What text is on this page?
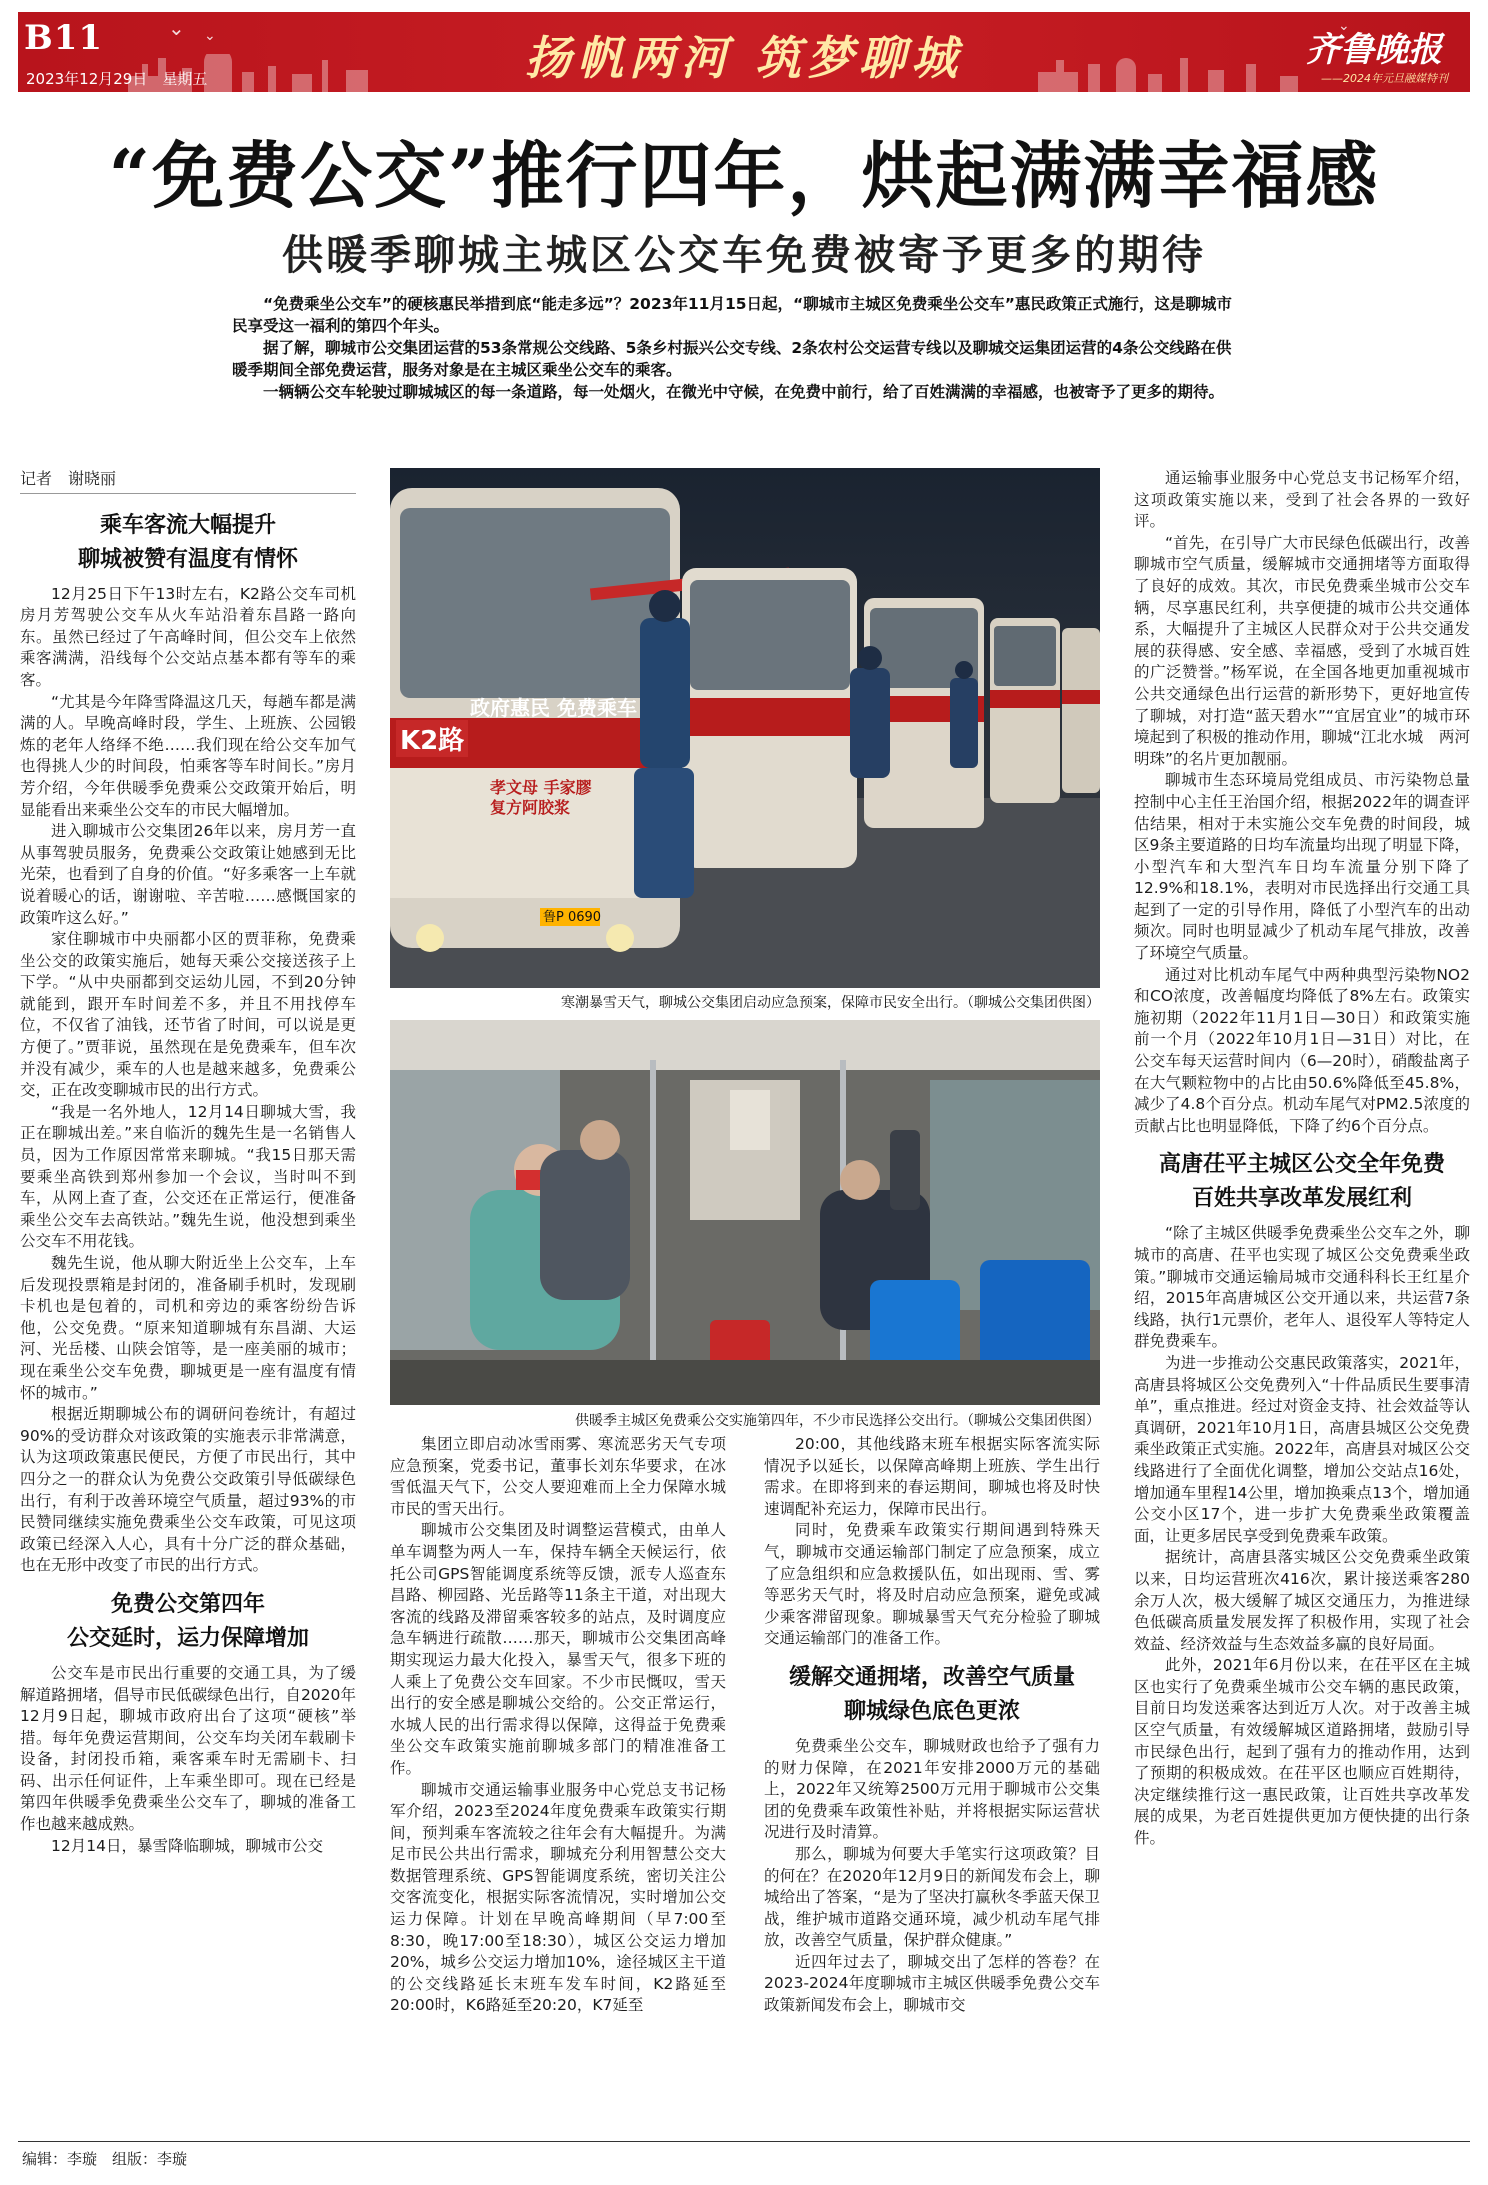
⌄ ⌄
⌄
B11
2023年12月29日　星期五	扬帆两河 筑梦聊城	齐鲁晚报
——2024年元旦融媒特刊
“免费公交”推行四年，烘起满满幸福感
供暖季聊城主城区公交车免费被寄予更多的期待

“免费乘坐公交车”的硬核惠民举措到底“能走多远”？2023年11月15日起，“聊城市主城区免费乘坐公交车”惠民政策正式施行，这是聊城市民享受这一福利的第四个年头。

据了解，聊城市公交集团运营的53条常规公交线路、5条乡村振兴公交专线、2条农村公交运营专线以及聊城交运集团运营的4条公交线路在供暖季期间全部免费运营，服务对象是在主城区乘坐公交车的乘客。

一辆辆公交车轮驶过聊城城区的每一条道路，每一处烟火，在微光中守候，在免费中前行，给了百姓满满的幸福感，也被寄予了更多的期待。

记者　谢晓丽
乘车客流大幅提升
聊城被赞有温度有情怀

12月25日下午13时左右，K2路公交车司机房月芳驾驶公交车从火车站沿着东昌路一路向东。虽然已经过了午高峰时间，但公交车上依然乘客满满，沿线每个公交站点基本都有等车的乘客。

“尤其是今年降雪降温这几天，每趟车都是满满的人。早晚高峰时段，学生、上班族、公园锻炼的老年人络绎不绝……我们现在给公交车加气也得挑人少的时间段，怕乘客等车时间长。”房月芳介绍，今年供暖季免费乘公交政策开始后，明显能看出来乘坐公交车的市民大幅增加。

进入聊城市公交集团26年以来，房月芳一直从事驾驶员服务，免费乘公交政策让她感到无比光荣，也看到了自身的价值。“好多乘客一上车就说着暖心的话，谢谢啦、辛苦啦……感慨国家的政策咋这么好。”

家住聊城市中央丽都小区的贾菲称，免费乘坐公交的政策实施后，她每天乘公交接送孩子上下学。“从中央丽都到交运幼儿园，不到20分钟就能到，跟开车时间差不多，并且不用找停车位，不仅省了油钱，还节省了时间，可以说是更方便了。”贾菲说，虽然现在是免费乘车，但车次并没有减少，乘车的人也是越来越多，免费乘公交，正在改变聊城市民的出行方式。

“我是一名外地人，12月14日聊城大雪，我正在聊城出差。”来自临沂的魏先生是一名销售人员，因为工作原因常常来聊城。“我15日那天需要乘坐高铁到郑州参加一个会议，当时叫不到车，从网上查了查，公交还在正常运行，便准备乘坐公交车去高铁站。”魏先生说，他没想到乘坐公交车不用花钱。

魏先生说，他从聊大附近坐上公交车，上车后发现投票箱是封闭的，准备刷手机时，发现刷卡机也是包着的，司机和旁边的乘客纷纷告诉他，公交免费。“原来知道聊城有东昌湖、大运河、光岳楼、山陕会馆等，是一座美丽的城市；现在乘坐公交车免费，聊城更是一座有温度有情怀的城市。”

根据近期聊城公布的调研问卷统计，有超过90%的受访群众对该政策的实施表示非常满意，认为这项政策惠民便民，方便了市民出行，其中四分之一的群众认为免费公交政策引导低碳绿色出行，有利于改善环境空气质量，超过93%的市民赞同继续实施免费乘坐公交车政策，可见这项政策已经深入人心，具有十分广泛的群众基础，也在无形中改变了市民的出行方式。

免费公交第四年
公交延时，运力保障增加

公交车是市民出行重要的交通工具，为了缓解道路拥堵，倡导市民低碳绿色出行，自2020年12月9日起，聊城市政府出台了这项“硬核”举措。每年免费运营期间，公交车均关闭车载刷卡设备，封闭投币箱，乘客乘车时无需刷卡、扫码、出示任何证件，上车乘坐即可。现在已经是第四年供暖季免费乘坐公交车了，聊城的准备工作也越来越成熟。

12月14日，暴雪降临聊城，聊城市公交

K2路
政府惠民 免费乘车
孝文母 手家膠 复方阿胶浆
鲁P 0690
寒潮暴雪天气，聊城公交集团启动应急预案，保障市民安全出行。（聊城公交集团供图）
供暖季主城区免费乘公交实施第四年，不少市民选择公交出行。（聊城公交集团供图）

集团立即启动冰雪雨雾、寒流恶劣天气专项应急预案，党委书记，董事长刘东华要求，在冰雪低温天气下，公交人要迎难而上全力保障水城市民的雪天出行。

聊城市公交集团及时调整运营模式，由单人单车调整为两人一车，保持车辆全天候运行，依托公司GPS智能调度系统等反馈，派专人巡查东昌路、柳园路、光岳路等11条主干道，对出现大客流的线路及滞留乘客较多的站点，及时调度应急车辆进行疏散……那天，聊城市公交集团高峰期实现运力最大化投入，暴雪天气，很多下班的人乘上了免费公交车回家。不少市民慨叹，雪天出行的安全感是聊城公交给的。公交正常运行，水城人民的出行需求得以保障，这得益于免费乘坐公交车政策实施前聊城多部门的精准准备工作。

聊城市交通运输事业服务中心党总支书记杨军介绍，2023至2024年度免费乘车政策实行期间，预判乘车客流较之往年会有大幅提升。为满足市民公共出行需求，聊城充分利用智慧公交大数据管理系统、GPS智能调度系统，密切关注公交客流变化，根据实际客流情况，实时增加公交运力保障。计划在早晚高峰期间（早7:00至8:30，晚17:00至18:30），城区公交运力增加20%，城乡公交运力增加10%，途径城区主干道的公交线路延长末班车发车时间，K2路延至20:00时，K6路延至20:20，K7延至

20:00，其他线路末班车根据实际客流实际情况予以延长，以保障高峰期上班族、学生出行需求。在即将到来的春运期间，聊城也将及时快速调配补充运力，保障市民出行。

同时，免费乘车政策实行期间遇到特殊天气，聊城市交通运输部门制定了应急预案，成立了应急组织和应急救援队伍，如出现雨、雪、雾等恶劣天气时，将及时启动应急预案，避免或减少乘客滞留现象。聊城暴雪天气充分检验了聊城交通运输部门的准备工作。

缓解交通拥堵，改善空气质量
聊城绿色底色更浓

免费乘坐公交车，聊城财政也给予了强有力的财力保障，在2021年安排2000万元的基础上，2022年又统筹2500万元用于聊城市公交集团的免费乘车政策性补贴，并将根据实际运营状况进行及时清算。

那么，聊城为何要大手笔实行这项政策？目的何在？在2020年12月9日的新闻发布会上，聊城给出了答案，“是为了坚决打赢秋冬季蓝天保卫战，维护城市道路交通环境，减少机动车尾气排放，改善空气质量，保护群众健康。”

近四年过去了，聊城交出了怎样的答卷？在2023-2024年度聊城市主城区供暖季免费公交车政策新闻发布会上，聊城市交

通运输事业服务中心党总支书记杨军介绍，这项政策实施以来，受到了社会各界的一致好评。

“首先，在引导广大市民绿色低碳出行，改善聊城市空气质量，缓解城市交通拥堵等方面取得了良好的成效。其次，市民免费乘坐城市公交车辆，尽享惠民红利，共享便捷的城市公共交通体系，大幅提升了主城区人民群众对于公共交通发展的获得感、安全感、幸福感，受到了水城百姓的广泛赞誉。”杨军说，在全国各地更加重视城市公共交通绿色出行运营的新形势下，更好地宣传了聊城，对打造“蓝天碧水”“宜居宜业”的城市环境起到了积极的推动作用，聊城“江北水城　两河明珠”的名片更加靓丽。

聊城市生态环境局党组成员、市污染物总量控制中心主任王治国介绍，根据2022年的调查评估结果，相对于未实施公交车免费的时间段，城区9条主要道路的日均车流量均出现了明显下降，小型汽车和大型汽车日均车流量分别下降了12.9%和18.1%，表明对市民选择出行交通工具起到了一定的引导作用，降低了小型汽车的出动频次。同时也明显减少了机动车尾气排放，改善了环境空气质量。

通过对比机动车尾气中两种典型污染物NO2和CO浓度，改善幅度均降低了8%左右。政策实施初期（2022年11月1日—30日）和政策实施前一个月（2022年10月1日—31日）对比，在公交车每天运营时间内（6—20时），硝酸盐离子在大气颗粒物中的占比由50.6%降低至45.8%，减少了4.8个百分点。机动车尾气对PM2.5浓度的贡献占比也明显降低，下降了约6个百分点。

高唐茌平主城区公交全年免费
百姓共享改革发展红利

“除了主城区供暖季免费乘坐公交车之外，聊城市的高唐、茌平也实现了城区公交免费乘坐政策。”聊城市交通运输局城市交通科科长王红星介绍，2015年高唐城区公交开通以来，共运营7条线路，执行1元票价，老年人、退役军人等特定人群免费乘车。

为进一步推动公交惠民政策落实，2021年，高唐县将城区公交免费列入“十件品质民生要事清单”，重点推进。经过对资金支持、社会效益等认真调研，2021年10月1日，高唐县城区公交免费乘坐政策正式实施。2022年，高唐县对城区公交线路进行了全面优化调整，增加公交站点16处，增加通车里程14公里，增加换乘点13个，增加通公交小区17个，进一步扩大免费乘坐政策覆盖面，让更多居民享受到免费乘车政策。

据统计，高唐县落实城区公交免费乘坐政策以来，日均运营班次416次，累计接送乘客280余万人次，极大缓解了城区交通压力，为推进绿色低碳高质量发展发挥了积极作用，实现了社会效益、经济效益与生态效益多赢的良好局面。

此外，2021年6月份以来，在茌平区在主城区也实行了免费乘坐城市公交车辆的惠民政策，目前日均发送乘客达到近万人次。对于改善主城区空气质量，有效缓解城区道路拥堵，鼓励引导市民绿色出行，起到了强有力的推动作用，达到了预期的积极成效。在茌平区也顺应百姓期待，决定继续推行这一惠民政策，让百姓共享改革发展的成果，为老百姓提供更加方便快捷的出行条件。

编辑：李璇　组版：李璇
